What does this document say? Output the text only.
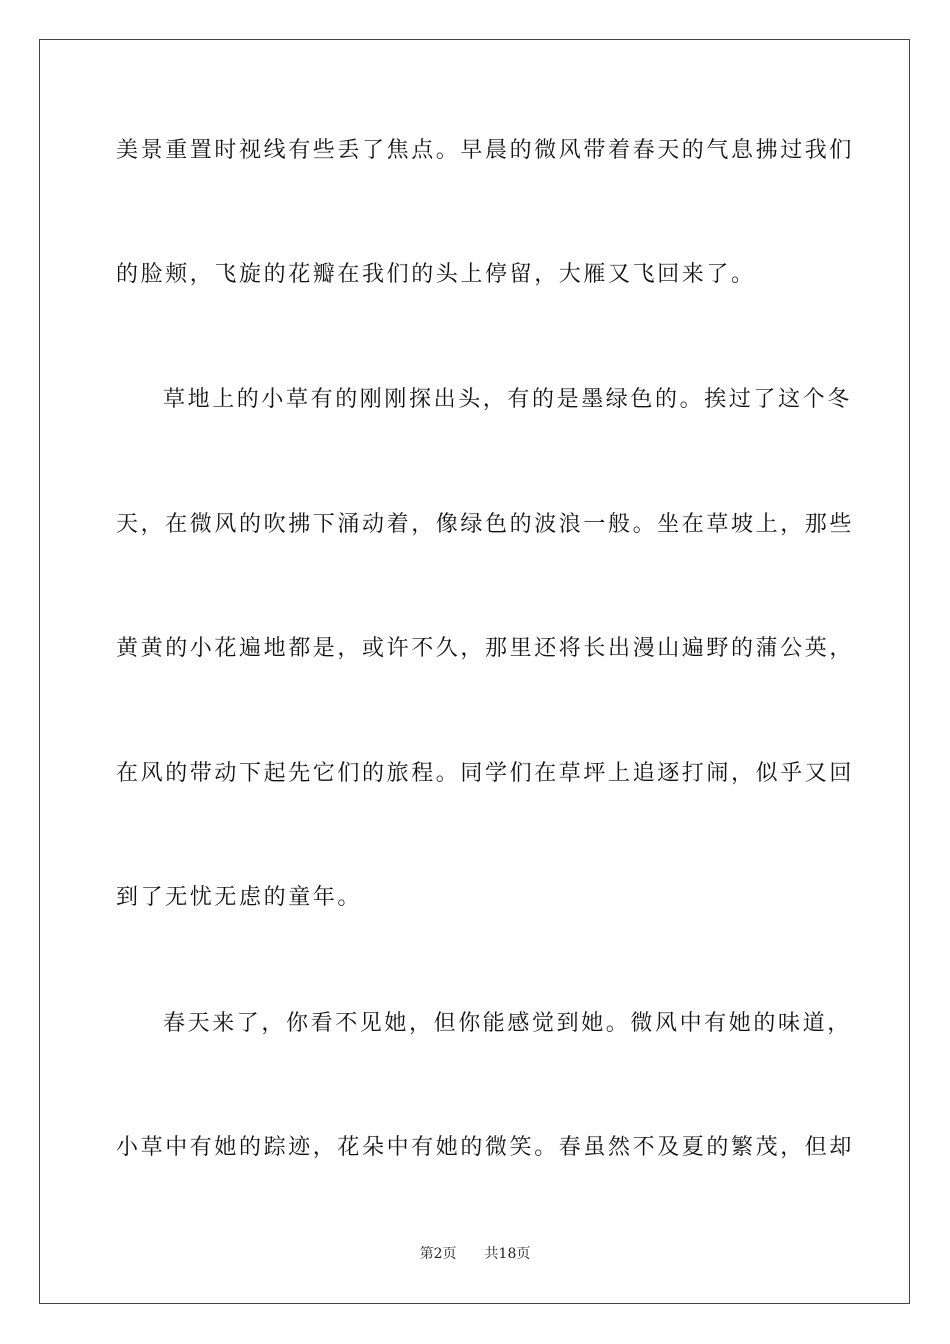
美景重置时视线有些丢了焦点。早晨的微风带着春天的气息拂过我们
的脸颊，飞旋的花瓣在我们的头上停留，大雁又飞回来了。
草地上的小草有的刚刚探出头，有的是墨绿色的。挨过了这个冬
天，在微风的吹拂下涌动着，像绿色的波浪一般。坐在草坡上，那些
黄黄的小花遍地都是，或许不久，那里还将长出漫山遍野的蒲公英，
在风的带动下起先它们的旅程。同学们在草坪上追逐打闹，似乎又回
到了无忧无虑的童年。
春天来了，你看不见她，但你能感觉到她。微风中有她的味道，
小草中有她的踪迹，花朵中有她的微笑。春虽然不及夏的繁茂，但却
第2页 共18页
